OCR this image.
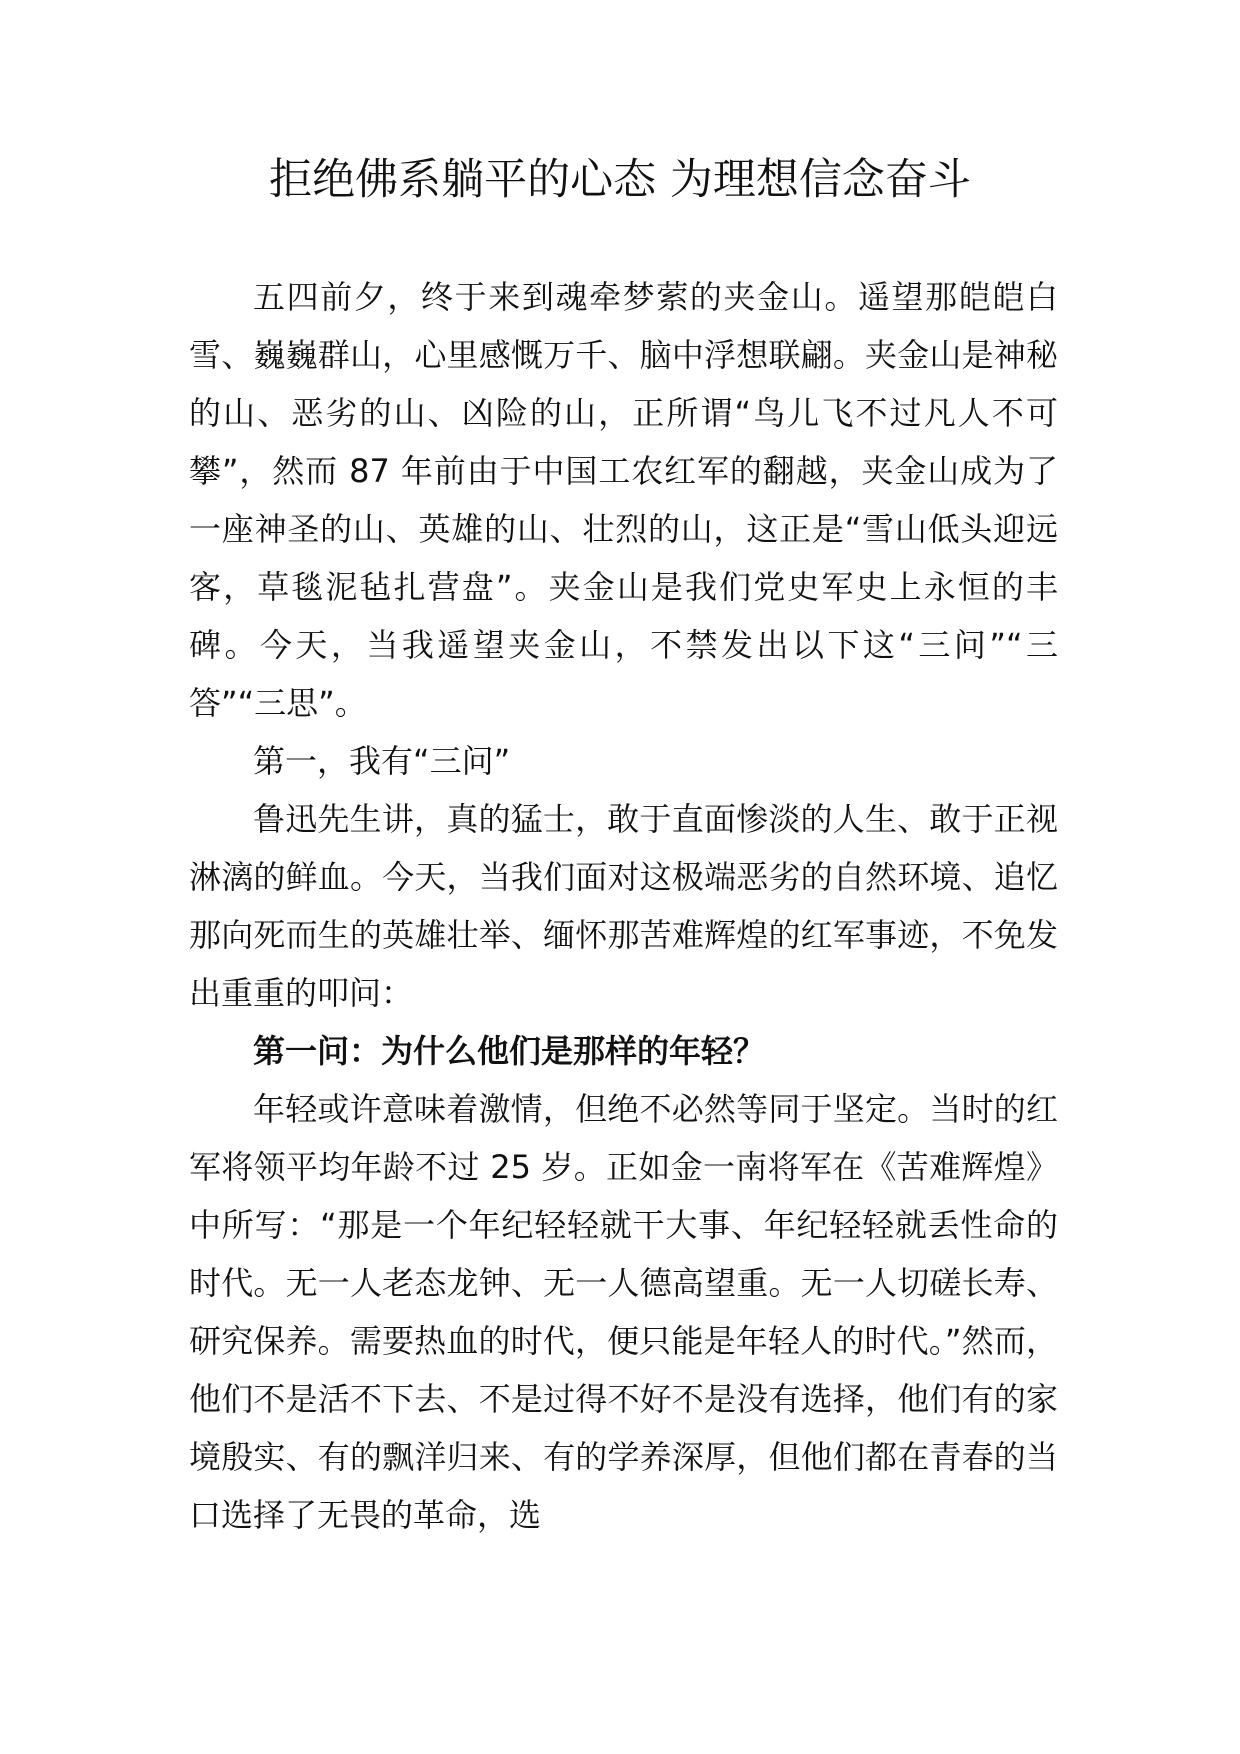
拒绝佛系躺平的心态 为理想信念奋斗

五四前夕，终于来到魂牵梦萦的夹金山。遥望那皑皑白雪、巍巍群山，心里感慨万千、脑中浮想联翩。夹金山是神秘的山、恶劣的山、凶险的山，正所谓“鸟儿飞不过凡人不可攀”，然而 87 年前由于中国工农红军的翻越，夹金山成为了一座神圣的山、英雄的山、壮烈的山，这正是“雪山低头迎远客，草毯泥毡扎营盘”。夹金山是我们党史军史上永恒的丰碑。今天，当我遥望夹金山，不禁发出以下这“三问”“三答”“三思”。

第一，我有“三问”

鲁迅先生讲，真的猛士，敢于直面惨淡的人生、敢于正视淋漓的鲜血。今天，当我们面对这极端恶劣的自然环境、追忆那向死而生的英雄壮举、缅怀那苦难辉煌的红军事迹，不免发出重重的叩问：

第一问：为什么他们是那样的年轻？

年轻或许意味着激情，但绝不必然等同于坚定。当时的红军将领平均年龄不过 25 岁。正如金一南将军在《苦难辉煌》中所写：“那是一个年纪轻轻就干大事、年纪轻轻就丢性命的时代。无一人老态龙钟、无一人德高望重。无一人切磋长寿、研究保养。需要热血的时代，便只能是年轻人的时代。”然而，他们不是活不下去、不是过得不好不是没有选择，他们有的家境殷实、有的飘洋归来、有的学养深厚，但他们都在青春的当口选择了无畏的革命，选
